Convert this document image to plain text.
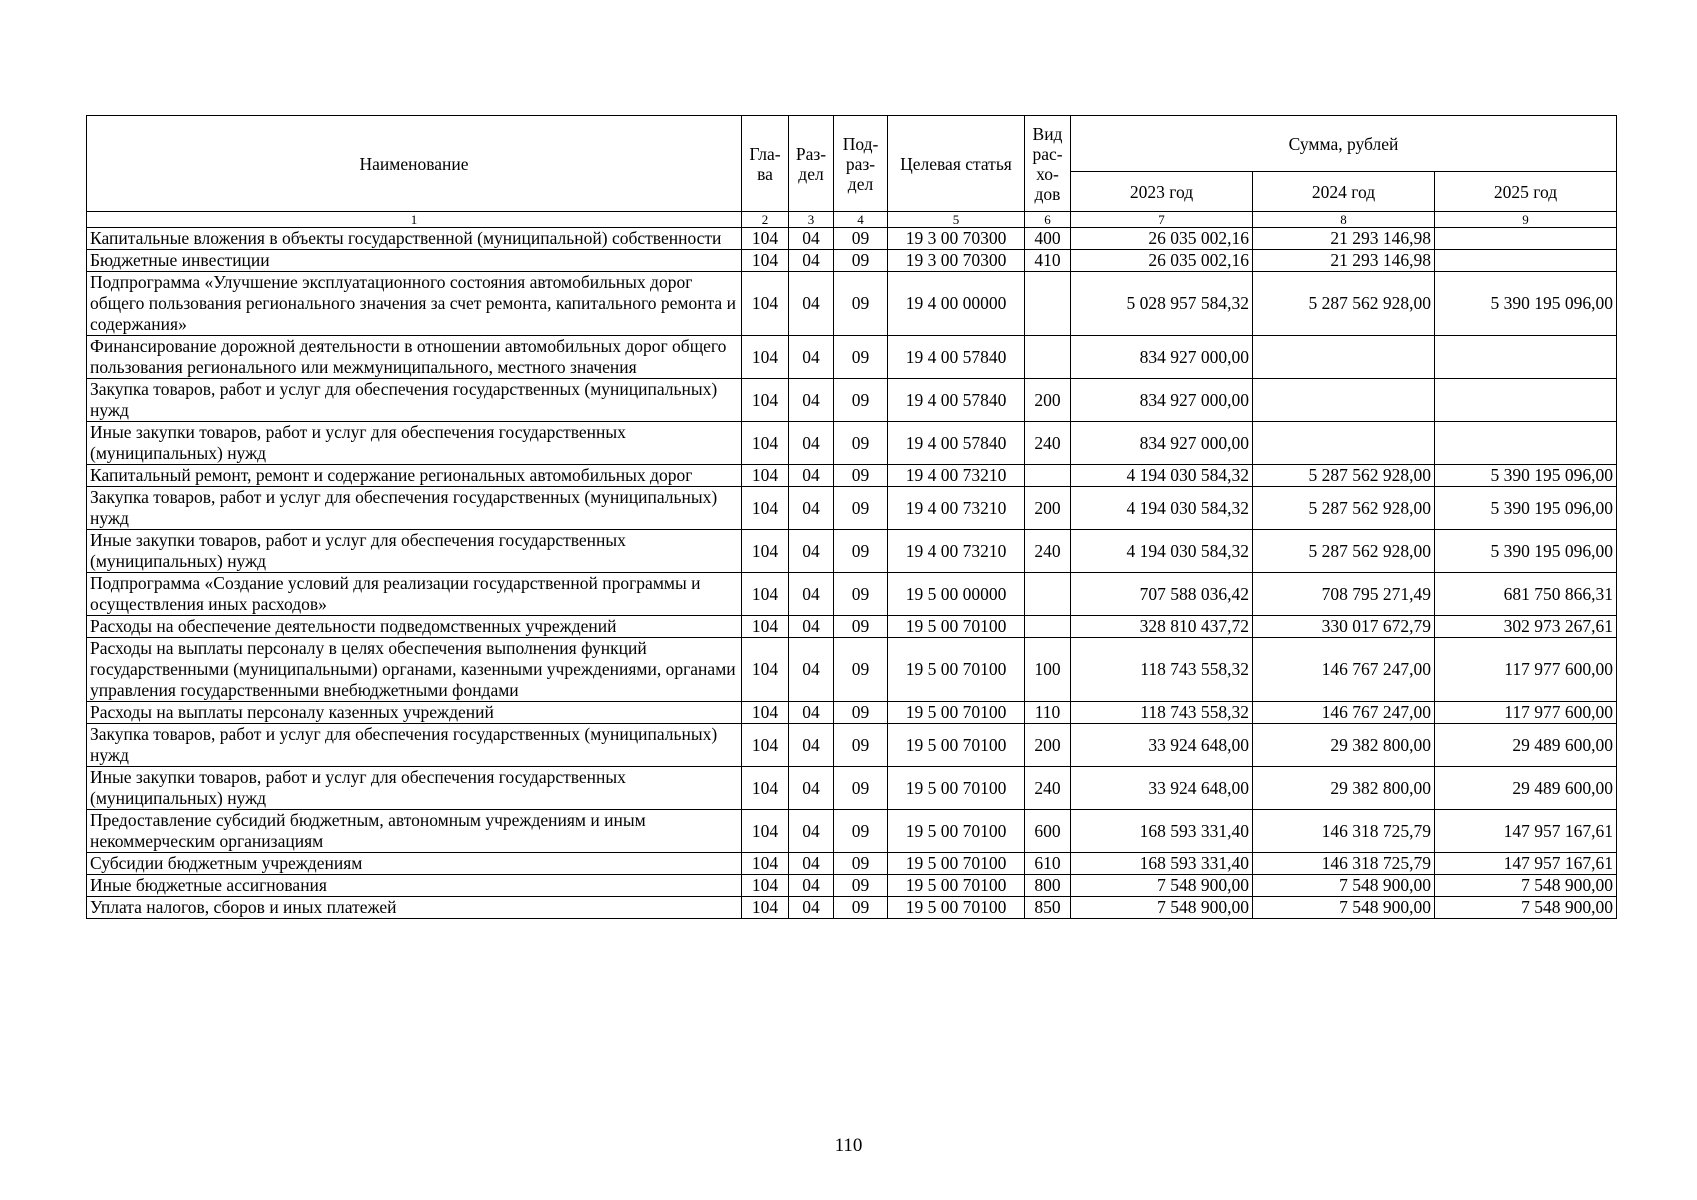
Наименование	Гла-ва	Раз-дел	Под-раз-дел	Целевая статья	Вид рас-хо-дов	Сумма, рублей		
						2023 год	2024 год	2025 год
1	2	3	4	5	6	7	8	9
Капитальные вложения в объекты государственной (муниципальной) собственности	104	04	09	19 3 00 70300	400	26 035 002,16	21 293 146,98	
Бюджетные инвестиции	104	04	09	19 3 00 70300	410	26 035 002,16	21 293 146,98	
Подпрограмма «Улучшение эксплуатационного состояния автомобильных дорог общего пользования регионального значения за счет ремонта, капитального ремонта и содержания»	104	04	09	19 4 00 00000		5 028 957 584,32	5 287 562 928,00	5 390 195 096,00
Финансирование дорожной деятельности в отношении автомобильных дорог общего пользования регионального или межмуниципального, местного значения	104	04	09	19 4 00 57840		834 927 000,00		
Закупка товаров, работ и услуг для обеспечения государственных (муниципальных) нужд	104	04	09	19 4 00 57840	200	834 927 000,00		
Иные закупки товаров, работ и услуг для обеспечения государственных (муниципальных) нужд	104	04	09	19 4 00 57840	240	834 927 000,00		
Капитальный ремонт, ремонт и содержание региональных автомобильных дорог	104	04	09	19 4 00 73210		4 194 030 584,32	5 287 562 928,00	5 390 195 096,00
Закупка товаров, работ и услуг для обеспечения государственных (муниципальных) нужд	104	04	09	19 4 00 73210	200	4 194 030 584,32	5 287 562 928,00	5 390 195 096,00
Иные закупки товаров, работ и услуг для обеспечения государственных (муниципальных) нужд	104	04	09	19 4 00 73210	240	4 194 030 584,32	5 287 562 928,00	5 390 195 096,00
Подпрограмма «Создание условий для реализации государственной программы и осуществления иных расходов»	104	04	09	19 5 00 00000		707 588 036,42	708 795 271,49	681 750 866,31
Расходы на обеспечение деятельности подведомственных учреждений	104	04	09	19 5 00 70100		328 810 437,72	330 017 672,79	302 973 267,61
Расходы на выплаты персоналу в целях обеспечения выполнения функций государственными (муниципальными) органами, казенными учреждениями, органами управления государственными внебюджетными фондами	104	04	09	19 5 00 70100	100	118 743 558,32	146 767 247,00	117 977 600,00
Расходы на выплаты персоналу казенных учреждений	104	04	09	19 5 00 70100	110	118 743 558,32	146 767 247,00	117 977 600,00
Закупка товаров, работ и услуг для обеспечения государственных (муниципальных) нужд	104	04	09	19 5 00 70100	200	33 924 648,00	29 382 800,00	29 489 600,00
Иные закупки товаров, работ и услуг для обеспечения государственных (муниципальных) нужд	104	04	09	19 5 00 70100	240	33 924 648,00	29 382 800,00	29 489 600,00
Предоставление субсидий бюджетным, автономным учреждениям и иным некоммерческим организациям	104	04	09	19 5 00 70100	600	168 593 331,40	146 318 725,79	147 957 167,61
Субсидии бюджетным учреждениям	104	04	09	19 5 00 70100	610	168 593 331,40	146 318 725,79	147 957 167,61
Иные бюджетные ассигнования	104	04	09	19 5 00 70100	800	7 548 900,00	7 548 900,00	7 548 900,00
Уплата налогов, сборов и иных платежей	104	04	09	19 5 00 70100	850	7 548 900,00	7 548 900,00	7 548 900,00
110
